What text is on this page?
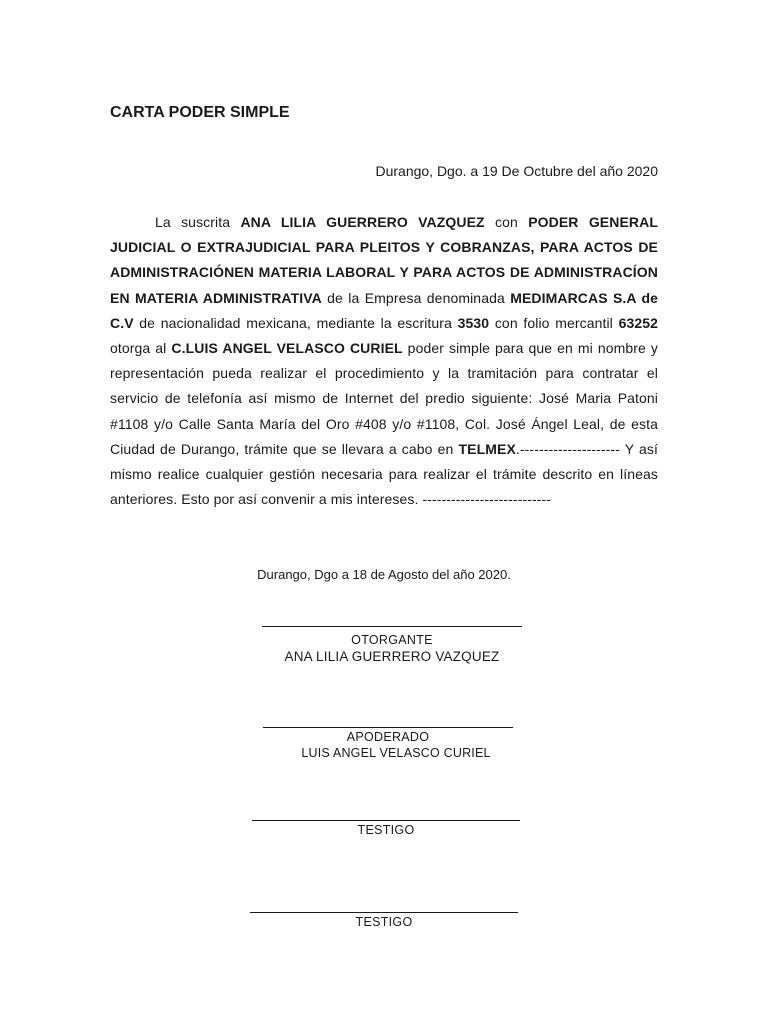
CARTA PODER SIMPLE
Durango, Dgo. a 19 De Octubre del año 2020

La suscrita ANA LILIA GUERRERO VAZQUEZ con PODER GENERAL JUDICIAL O EXTRAJUDICIAL PARA PLEITOS Y COBRANZAS, PARA ACTOS DE ADMINISTRACIÓNEN MATERIA LABORAL Y PARA ACTOS DE ADMINISTRACÍON EN MATERIA ADMINISTRATIVA de la Empresa denominada MEDIMARCAS S.A de C.V de nacionalidad mexicana, mediante la escritura 3530 con folio mercantil 63252 otorga al C.LUIS ANGEL VELASCO CURIEL poder simple para que en mi nombre y representación pueda realizar el procedimiento y la tramitación para contratar el servicio de telefonía así mismo de Internet del predio siguiente: José Maria Patoni #1108 y/o Calle Santa María del Oro #408 y/o #1108, Col. José Ángel Leal, de esta Ciudad de Durango, trámite que se llevara a cabo en TELMEX.--------------------- Y así mismo realice cualquier gestión necesaria para realizar el trámite descrito en líneas anteriores. Esto por así convenir a mis intereses. ---------------------------

Durango, Dgo a 18 de Agosto del año 2020.
OTORGANTE
ANA LILIA GUERRERO VAZQUEZ
APODERADO
LUIS ANGEL VELASCO CURIEL
TESTIGO
TESTIGO
